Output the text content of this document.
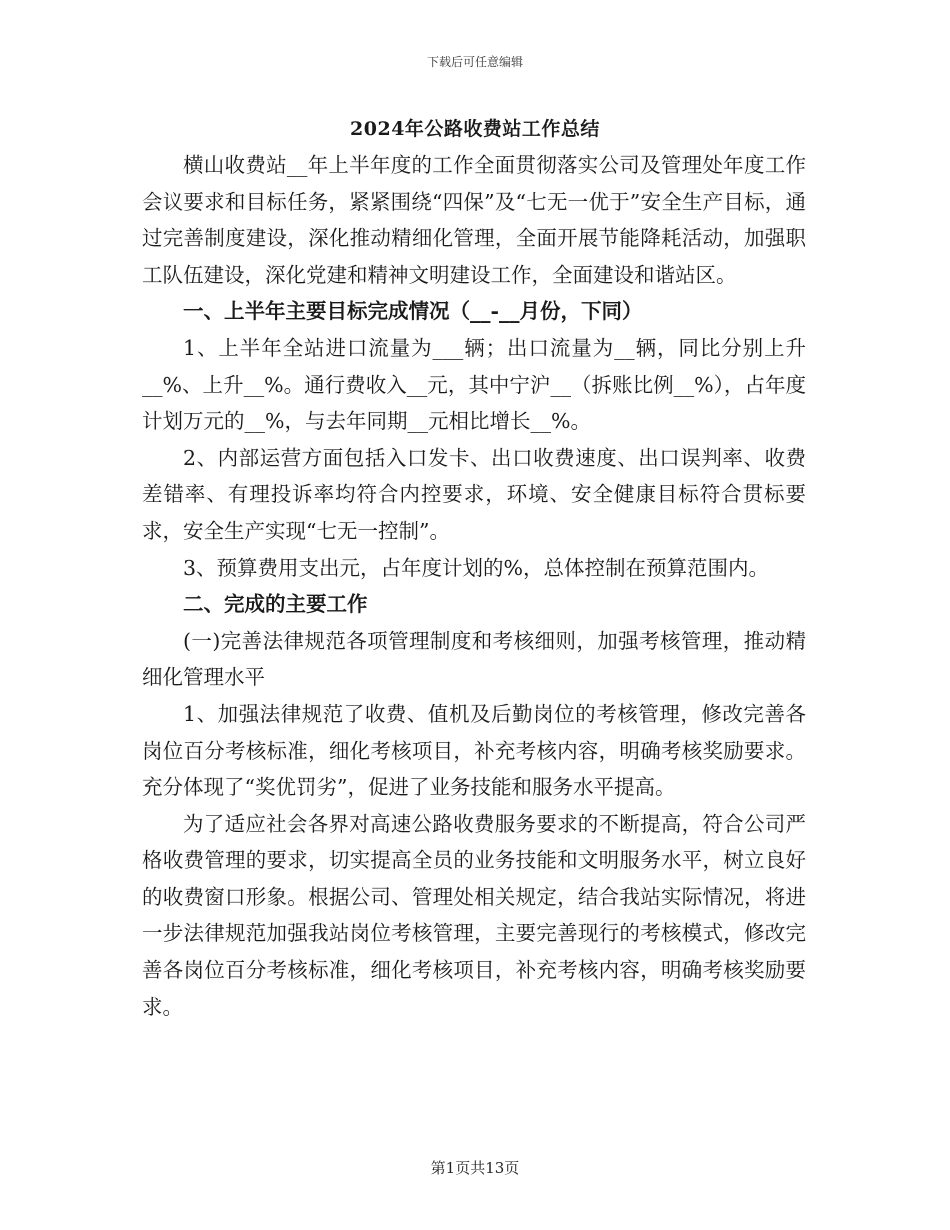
下载后可任意编辑
2024年公路收费站工作总结

横山收费站__年上半年度的工作全面贯彻落实公司及管理处年度工作会议要求和目标任务，紧紧围绕“四保”及“七无一优于”安全生产目标，通过完善制度建设，深化推动精细化管理，全面开展节能降耗活动，加强职工队伍建设，深化党建和精神文明建设工作，全面建设和谐站区。

一、上半年主要目标完成情况（__-__月份，下同）

1、上半年全站进口流量为___辆；出口流量为__辆，同比分别上升__%、上升__%。通行费收入__元，其中宁沪__（拆账比例__%），占年度计划万元的__%，与去年同期__元相比增长__%。

2、内部运营方面包括入口发卡、出口收费速度、出口误判率、收费差错率、有理投诉率均符合内控要求，环境、安全健康目标符合贯标要求，安全生产实现“七无一控制”。

3、预算费用支出元，占年度计划的%，总体控制在预算范围内。

二、完成的主要工作

(一)完善法律规范各项管理制度和考核细则，加强考核管理，推动精细化管理水平

1、加强法律规范了收费、值机及后勤岗位的考核管理，修改完善各岗位百分考核标准，细化考核项目，补充考核内容，明确考核奖励要求。充分体现了“奖优罚劣”，促进了业务技能和服务水平提高。

为了适应社会各界对高速公路收费服务要求的不断提高，符合公司严格收费管理的要求，切实提高全员的业务技能和文明服务水平，树立良好的收费窗口形象。根据公司、管理处相关规定，结合我站实际情况，将进一步法律规范加强我站岗位考核管理，主要完善现行的考核模式，修改完善各岗位百分考核标准，细化考核项目，补充考核内容，明确考核奖励要求。

第1页共13页
